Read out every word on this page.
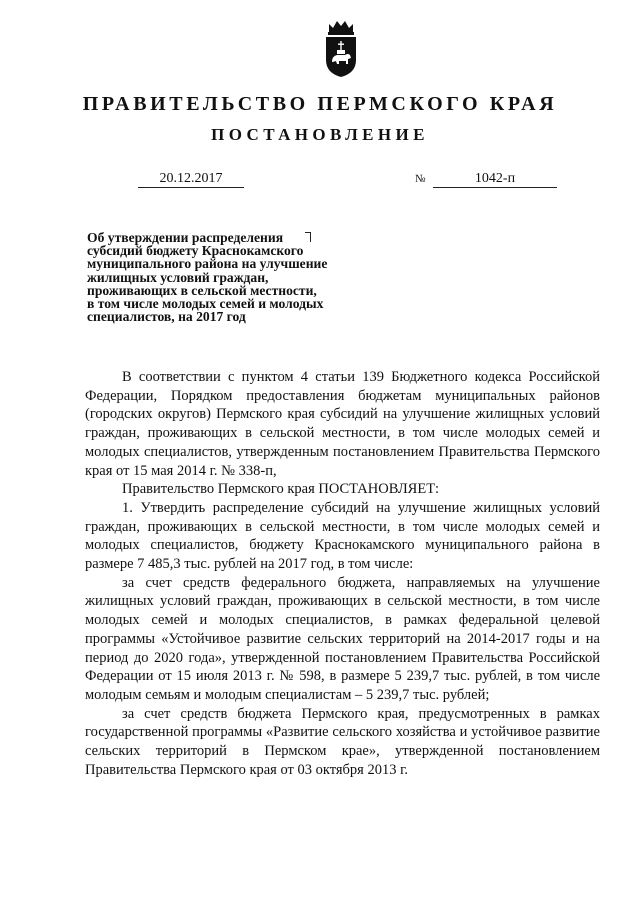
ПРАВИТЕЛЬСТВО ПЕРМСКОГО КРАЯ
ПОСТАНОВЛЕНИЕ
20.12.2017	№	1042-п
Об утверждении распределения
субсидий бюджету Краснокамского
муниципального района на улучшение
жилищных условий граждан,
проживающих в сельской местности,
в том числе молодых семей и молодых
специалистов, на 2017 год

В соответствии с пунктом 4 статьи 139 Бюджетного кодекса Российской Федерации, Порядком предоставления бюджетам муниципальных районов (городских округов) Пермского края субсидий на улучшение жилищных условий граждан, проживающих в сельской местности, в том числе молодых семей и молодых специалистов, утвержденным постановлением Правительства Пермского края от 15 мая 2014 г. № 338-п,

Правительство Пермского края ПОСТАНОВЛЯЕТ:

1. Утвердить распределение субсидий на улучшение жилищных условий граждан, проживающих в сельской местности, в том числе молодых семей и молодых специалистов, бюджету Краснокамского муниципального района в размере 7 485,3 тыс. рублей на 2017 год, в том числе:

за счет средств федерального бюджета, направляемых на улучшение жилищных условий граждан, проживающих в сельской местности, в том числе молодых семей и молодых специалистов, в рамках федеральной целевой программы «Устойчивое развитие сельских территорий на 2014-2017 годы и на период до 2020 года», утвержденной постановлением Правительства Российской Федерации от 15 июля 2013 г. № 598, в размере 5 239,7 тыс. рублей, в том числе молодым семьям и молодым специалистам – 5 239,7 тыс. рублей;

за счет средств бюджета Пермского края, предусмотренных в рамках государственной программы «Развитие сельского хозяйства и устойчивое развитие сельских территорий в Пермском крае», утвержденной постановлением Правительства Пермского края от 03 октября 2013 г.
